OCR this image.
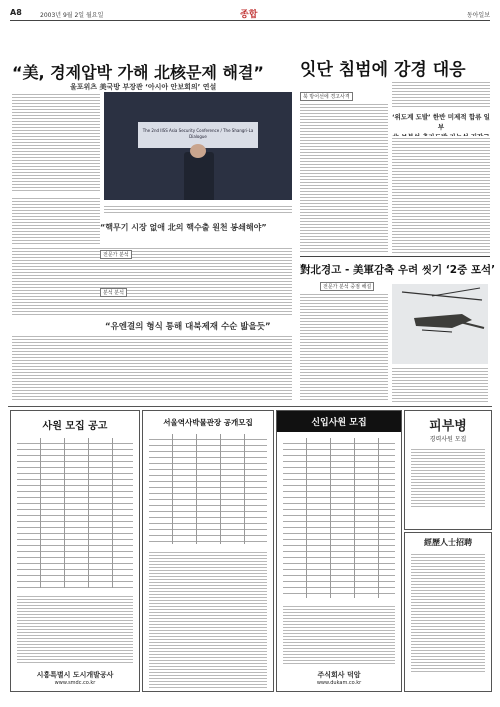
A8	2003년 9월 2일 월요일	종합	동아일보
“美, 경제압박 가해 北核문제 해결”
울포위츠 美국방 부장관 ‘아시아 안보회의’ 연설
The 2nd IISS Asia Security Conference / The Shangri-La Dialogue
“핵무기 시장 없애 北의 핵수출 원천 봉쇄해야”
전문가 분석
분석 분석
“유엔결의 형식 통해 대북제재 수순 밟을듯”
잇단 침범에 강경 대응
북 방어선에 경고사격
‘위도계 도발’ 한반 미제적 합류 일부
對北경고 - 美軍감축 우려 씻기 ‘2중 포석’
전문가 분석 중점 해설
사원 모집 공고
시흥특별시 도시개발공사
www.smdc.co.kr
서울역사박물관장 공개모집	신입사원 모집
주식회사 덕암
www.dukam.co.kr
피부병
경력사원 모집
經歷人士招聘
